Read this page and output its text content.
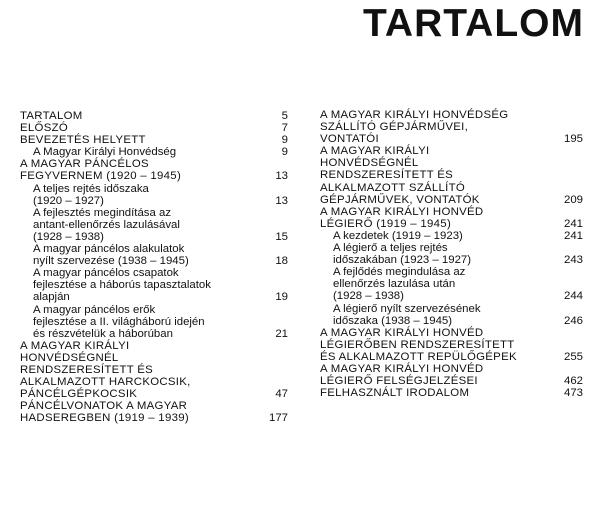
TARTALOM
TARTALOM	5
ELŐSZÓ	7
BEVEZETÉS HELYETT	9
A Magyar Királyi Honvédség	9
A MAGYAR PÁNCÉLOS
FEGYVERNEM (1920 – 1945)	13
A teljes rejtés időszaka
(1920 – 1927)	13
A fejlesztés megindítása az
antant-ellenőrzés lazulásával
(1928 – 1938)	15
A magyar páncélos alakulatok
nyílt szervezése (1938 – 1945)	18
A magyar páncélos csapatok
fejlesztése a háborús tapasztalatok
alapján	19
A magyar páncélos erők
fejlesztése a II. világháború idején
és részvételük a háborúban	21
A MAGYAR KIRÁLYI
HONVÉDSÉGNÉL
RENDSZERESÍTETT ÉS
ALKALMAZOTT HARCKOCSIK,
PÁNCÉLGÉPKOCSIK	47
PÁNCÉLVONATOK A MAGYAR
HADSEREGBEN (1919 – 1939)	177
A MAGYAR KIRÁLYI HONVÉDSÉG
SZÁLLÍTÓ GÉPJÁRMŰVEI,
VONTATÓI	195
A MAGYAR KIRÁLYI
HONVÉDSÉGNÉL
RENDSZERESÍTETT ÉS
ALKALMAZOTT SZÁLLÍTÓ
GÉPJÁRMŰVEK, VONTATÓK	209
A MAGYAR KIRÁLYI HONVÉD
LÉGIERŐ (1919 – 1945)	241
A kezdetek (1919 – 1923)	241
A légierő a teljes rejtés
időszakában (1923 – 1927)	243
A fejlődés megindulása az
ellenőrzés lazulása után
(1928 – 1938)	244
A légierő nyílt szervezésének
időszaka (1938 – 1945)	246
A MAGYAR KIRÁLYI HONVÉD
LÉGIERŐBEN RENDSZERESÍTETT
ÉS ALKALMAZOTT REPÜLŐGÉPEK	255
A MAGYAR KIRÁLYI HONVÉD
LÉGIERŐ FELSÉGJELZÉSEI	462
FELHASZNÁLT IRODALOM	473
